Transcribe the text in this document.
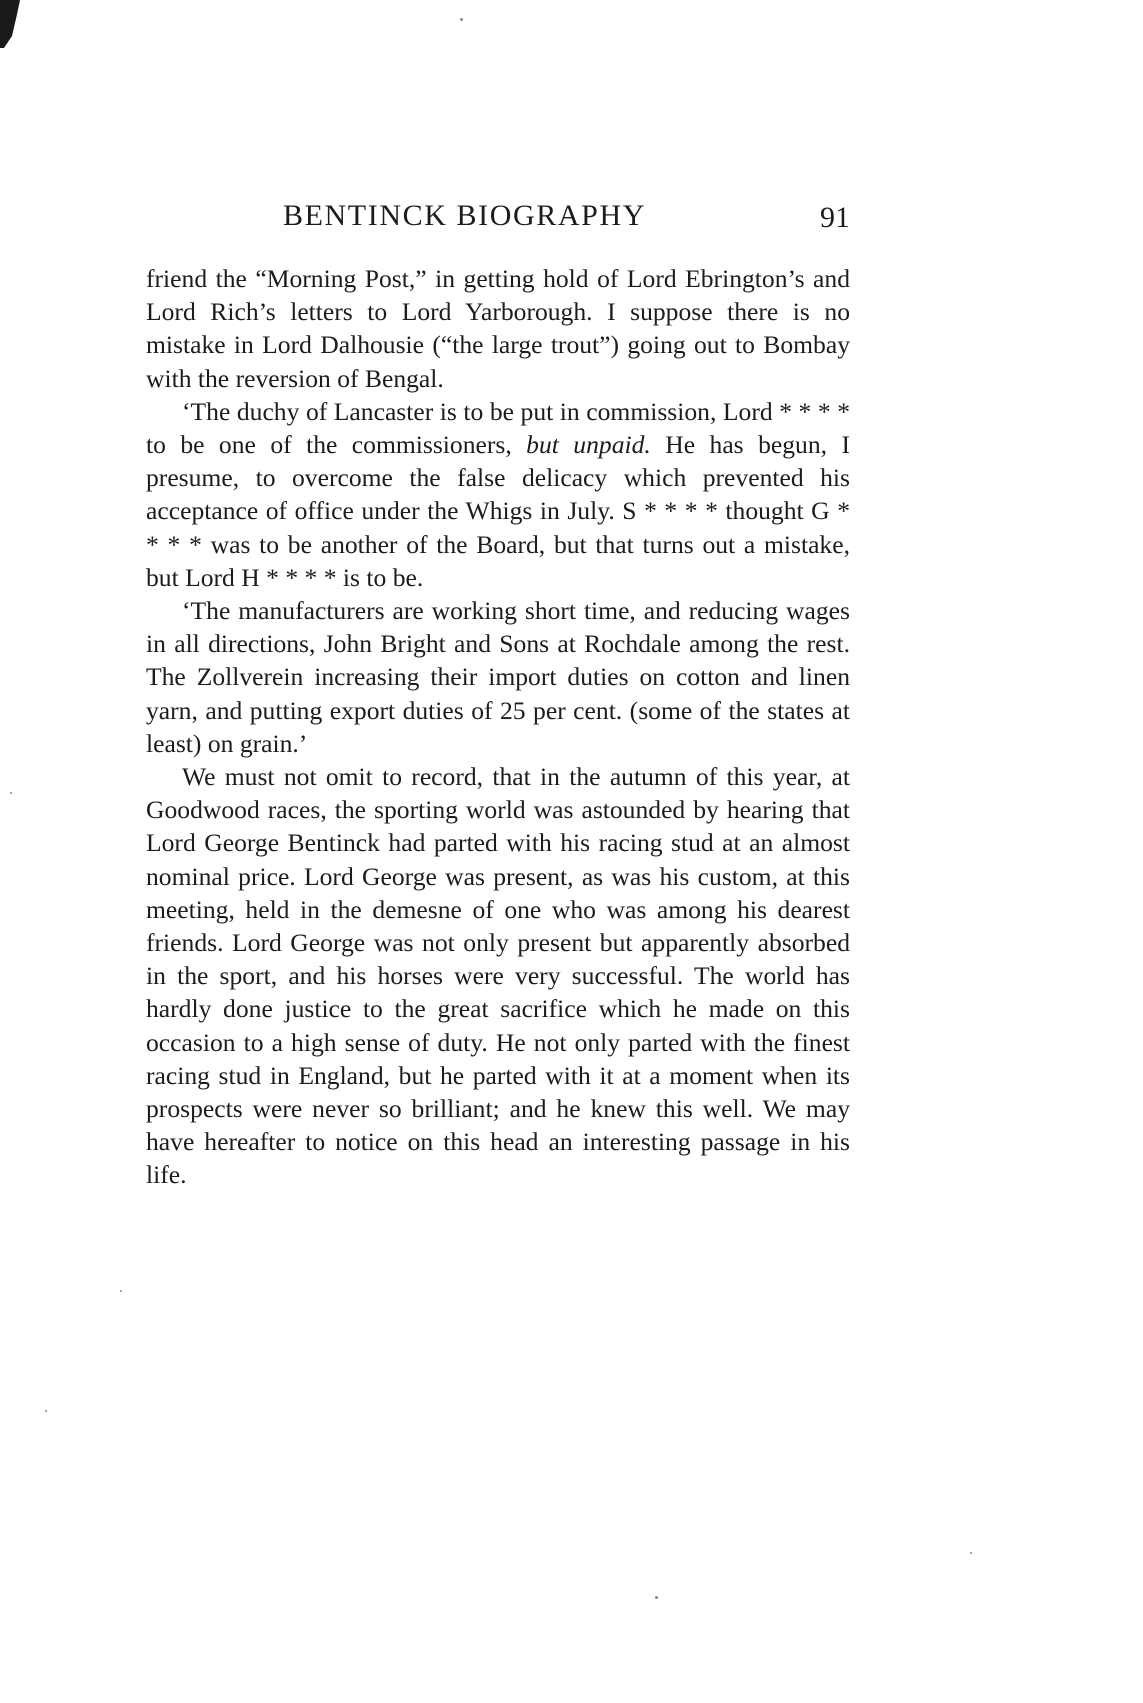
BENTINCK BIOGRAPHY	91

friend the “Morning Post,” in getting hold of Lord Ebrington’s and Lord Rich’s letters to Lord Yarborough. I suppose there is no mistake in Lord Dalhousie (“the large trout”) going out to Bombay with the reversion of Bengal.

‘The duchy of Lancaster is to be put in commission, Lord * * * * to be one of the commissioners, but unpaid. He has begun, I presume, to overcome the false delicacy which prevented his acceptance of office under the Whigs in July. S * * * * thought G * * * * was to be another of the Board, but that turns out a mistake, but Lord H * * * * is to be.

‘The manufacturers are working short time, and reducing wages in all directions, John Bright and Sons at Rochdale among the rest. The Zollverein increasing their import duties on cotton and linen yarn, and putting export duties of 25 per cent. (some of the states at least) on grain.’

We must not omit to record, that in the autumn of this year, at Goodwood races, the sporting world was astounded by hearing that Lord George Bentinck had parted with his racing stud at an almost nominal price. Lord George was present, as was his custom, at this meeting, held in the demesne of one who was among his dearest friends. Lord George was not only present but apparently absorbed in the sport, and his horses were very successful. The world has hardly done justice to the great sacrifice which he made on this occasion to a high sense of duty. He not only parted with the finest racing stud in England, but he parted with it at a moment when its prospects were never so brilliant; and he knew this well. We may have hereafter to notice on this head an interesting passage in his life.
